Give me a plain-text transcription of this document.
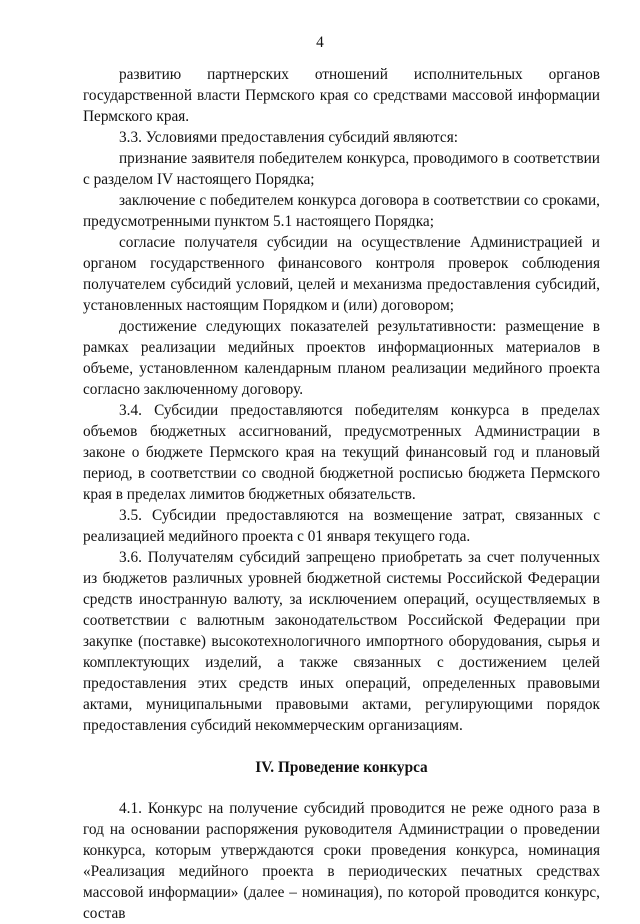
4

развитию партнерских отношений исполнительных органов государственной власти Пермского края со средствами массовой информации Пермского края.

3.3. Условиями предоставления субсидий являются:

признание заявителя победителем конкурса, проводимого в соответствии с разделом IV настоящего Порядка;

заключение с победителем конкурса договора в соответствии со сроками, предусмотренными пунктом 5.1 настоящего Порядка;

согласие получателя субсидии на осуществление Администрацией и органом государственного финансового контроля проверок соблюдения получателем субсидий условий, целей и механизма предоставления субсидий, установленных настоящим Порядком и (или) договором;

достижение следующих показателей результативности: размещение в рамках реализации медийных проектов информационных материалов в объеме, установленном календарным планом реализации медийного проекта согласно заключенному договору.

3.4. Субсидии предоставляются победителям конкурса в пределах объемов бюджетных ассигнований, предусмотренных Администрации в законе о бюджете Пермского края на текущий финансовый год и плановый период, в соответствии со сводной бюджетной росписью бюджета Пермского края в пределах лимитов бюджетных обязательств.

3.5. Субсидии предоставляются на возмещение затрат, связанных с реализацией медийного проекта с 01 января текущего года.

3.6. Получателям субсидий запрещено приобретать за счет полученных из бюджетов различных уровней бюджетной системы Российской Федерации средств иностранную валюту, за исключением операций, осуществляемых в соответствии с валютным законодательством Российской Федерации при закупке (поставке) высокотехнологичного импортного оборудования, сырья и комплектующих изделий, а также связанных с достижением целей предоставления этих средств иных операций, определенных правовыми актами, муниципальными правовыми актами, регулирующими порядок предоставления субсидий некоммерческим организациям.

IV. Проведение конкурса

4.1. Конкурс на получение субсидий проводится не реже одного раза в год на основании распоряжения руководителя Администрации о проведении конкурса, которым утверждаются сроки проведения конкурса, номинация «Реализация медийного проекта в периодических печатных средствах массовой информации» (далее – номинация), по которой проводится конкурс, состав
